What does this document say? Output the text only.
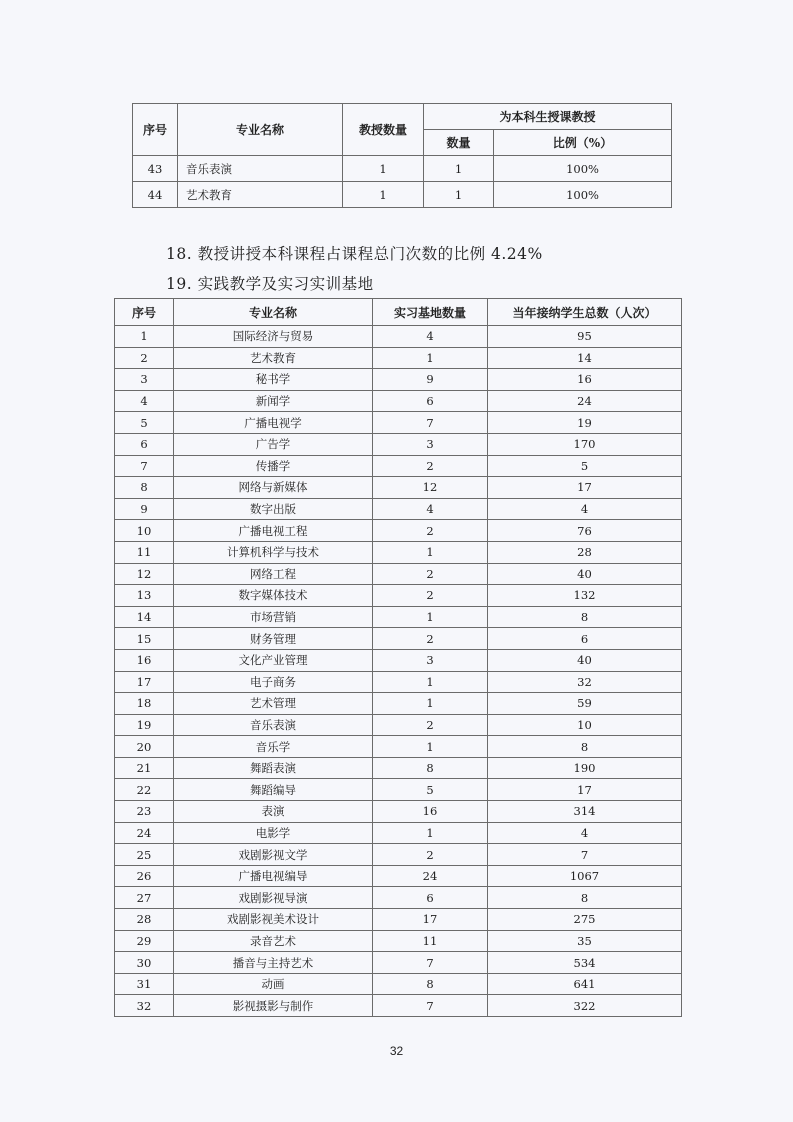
序号	专业名称	教授数量	为本科生授课教授	
			数量	比例（%）
43	音乐表演	1	1	100%
44	艺术教育	1	1	100%
18. 教授讲授本科课程占课程总门次数的比例 4.24%
19. 实践教学及实习实训基地
序号	专业名称	实习基地数量	当年接纳学生总数（人次）
1	国际经济与贸易	4	95
2	艺术教育	1	14
3	秘书学	9	16
4	新闻学	6	24
5	广播电视学	7	19
6	广告学	3	170
7	传播学	2	5
8	网络与新媒体	12	17
9	数字出版	4	4
10	广播电视工程	2	76
11	计算机科学与技术	1	28
12	网络工程	2	40
13	数字媒体技术	2	132
14	市场营销	1	8
15	财务管理	2	6
16	文化产业管理	3	40
17	电子商务	1	32
18	艺术管理	1	59
19	音乐表演	2	10
20	音乐学	1	8
21	舞蹈表演	8	190
22	舞蹈编导	5	17
23	表演	16	314
24	电影学	1	4
25	戏剧影视文学	2	7
26	广播电视编导	24	1067
27	戏剧影视导演	6	8
28	戏剧影视美术设计	17	275
29	录音艺术	11	35
30	播音与主持艺术	7	534
31	动画	8	641
32	影视摄影与制作	7	322
32
